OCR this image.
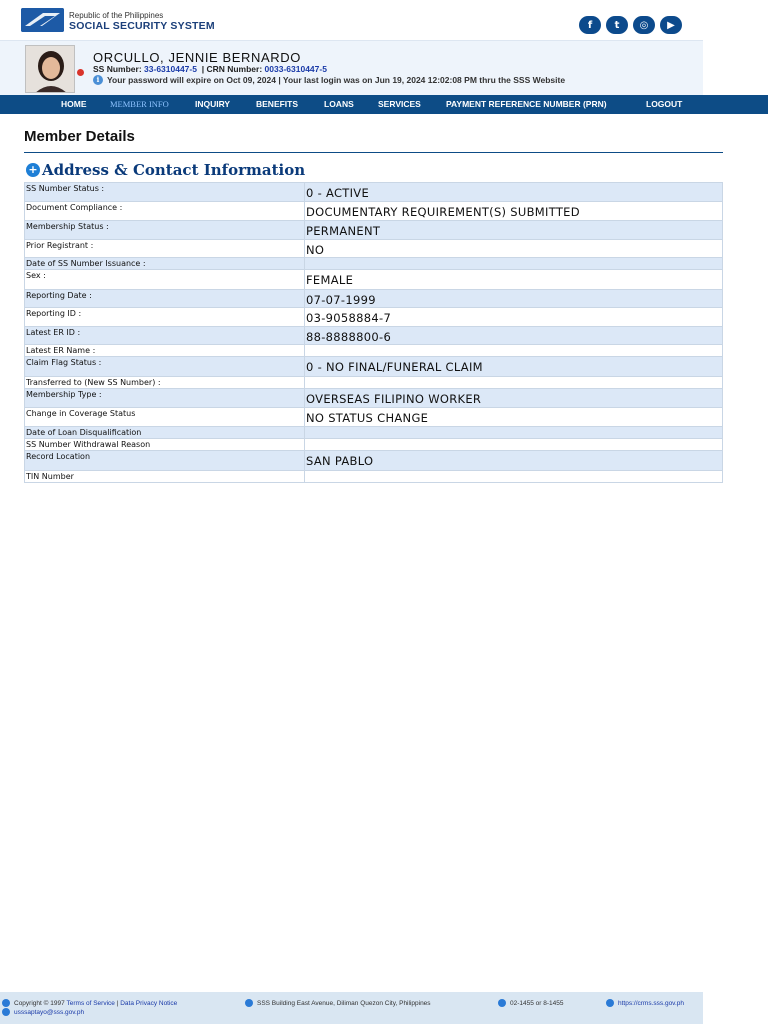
Republic of the Philippines
SOCIAL SECURITY SYSTEM	f	t	◎	▶
ORCULLO, JENNIE BERNARDO
SS Number: 33-6310447-5 | CRN Number: 0033-6310447-5
i Your password will expire on Oct 09, 2024 | Your last login was on Jun 19, 2024 12:02:08 PM thru the SSS Website
HOME	MEMBER INFO	INQUIRY	BENEFITS	LOANS	SERVICES	PAYMENT REFERENCE NUMBER (PRN)	LOGOUT
Member Details
+ Address & Contact Information
SS Number Status :	0 - ACTIVE
Document Compliance :	DOCUMENTARY REQUIREMENT(S) SUBMITTED
Membership Status :	PERMANENT
Prior Registrant :	NO
Date of SS Number Issuance :	
Sex :	FEMALE
Reporting Date :	07-07-1999
Reporting ID :	03-9058884-7
Latest ER ID :	88-8888800-6
Latest ER Name :	
Claim Flag Status :	0 - NO FINAL/FUNERAL CLAIM
Transferred to (New SS Number) :	
Membership Type :	OVERSEAS FILIPINO WORKER
Change in Coverage Status	NO STATUS CHANGE
Date of Loan Disqualification	
SS Number Withdrawal Reason	
Record Location	SAN PABLO
TIN Number	
Copyright © 1997
Terms of Service | Data Privacy Notice
usssaptayo@sss.gov.ph
SSS Building East Avenue, Diliman Quezon City, Philippines	02-1455 or 8-1455	https://crms.sss.gov.ph
